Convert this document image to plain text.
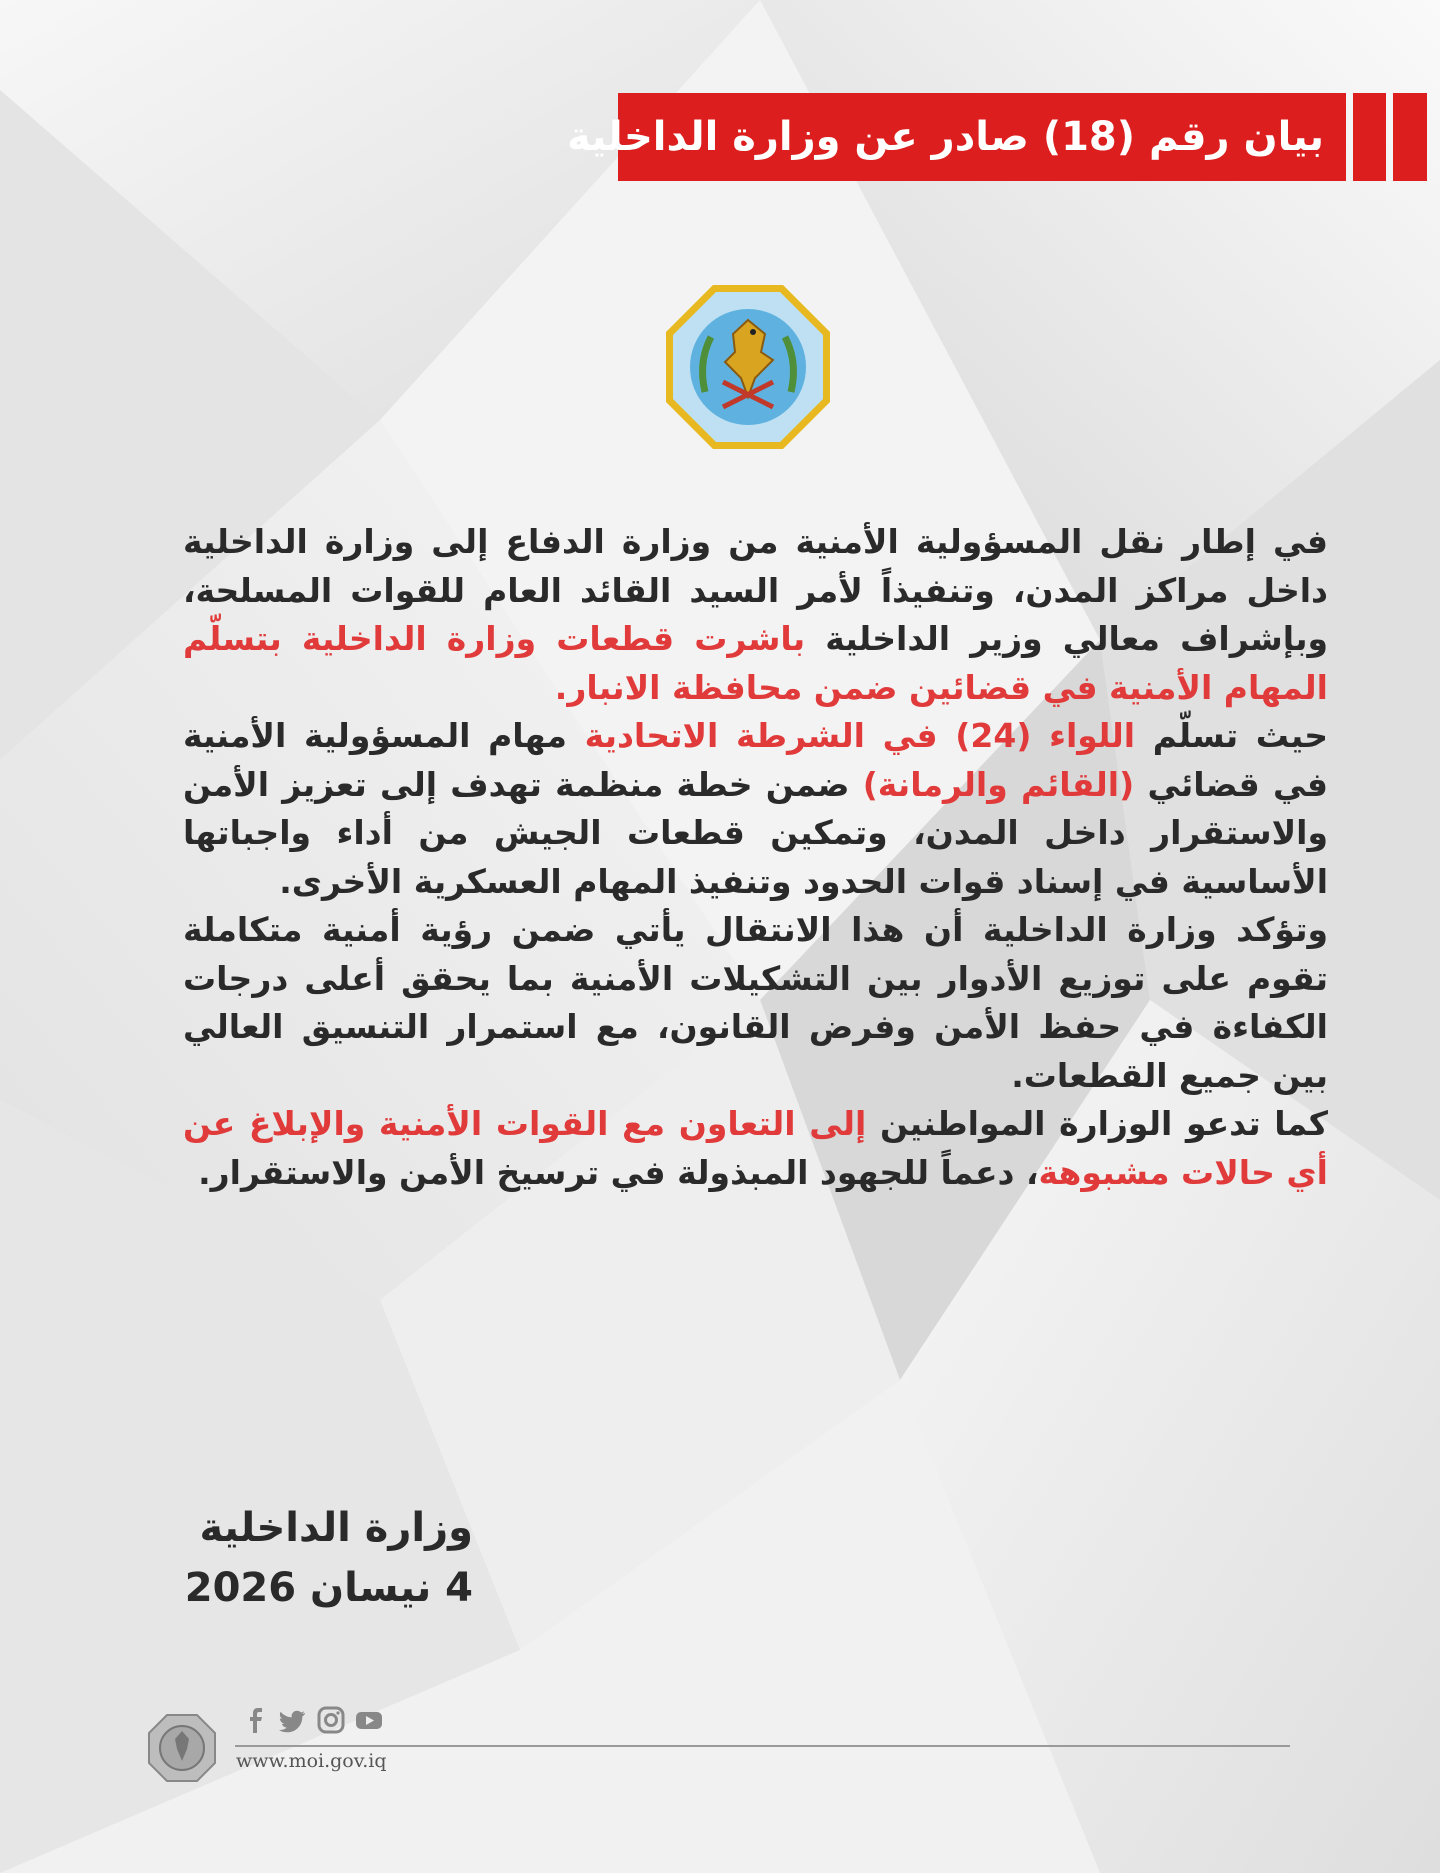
بيان رقم (18) صادر عن وزارة الداخلية

في إطار نقل المسؤولية الأمنية من وزارة الدفاع إلى وزارة الداخلية داخل مراكز المدن، وتنفيذاً لأمر السيد القائد العام للقوات المسلحة، وبإشراف معالي وزير الداخلية باشرت قطعات وزارة الداخلية بتسلّم المهام الأمنية في قضائين ضمن محافظة الانبار.

حيث تسلّم اللواء (24) في الشرطة الاتحادية مهام المسؤولية الأمنية في قضائي (القائم والرمانة) ضمن خطة منظمة تهدف إلى تعزيز الأمن والاستقرار داخل المدن، وتمكين قطعات الجيش من أداء واجباتها الأساسية في إسناد قوات الحدود وتنفيذ المهام العسكرية الأخرى.

وتؤكد وزارة الداخلية أن هذا الانتقال يأتي ضمن رؤية أمنية متكاملة تقوم على توزيع الأدوار بين التشكيلات الأمنية بما يحقق أعلى درجات الكفاءة في حفظ الأمن وفرض القانون، مع استمرار التنسيق العالي بين جميع القطعات.

كما تدعو الوزارة المواطنين إلى التعاون مع القوات الأمنية والإبلاغ عن أي حالات مشبوهة، دعماً للجهود المبذولة في ترسيخ الأمن والاستقرار.

وزارة الداخلية
4 نيسان 2026
www.moi.gov.iq
